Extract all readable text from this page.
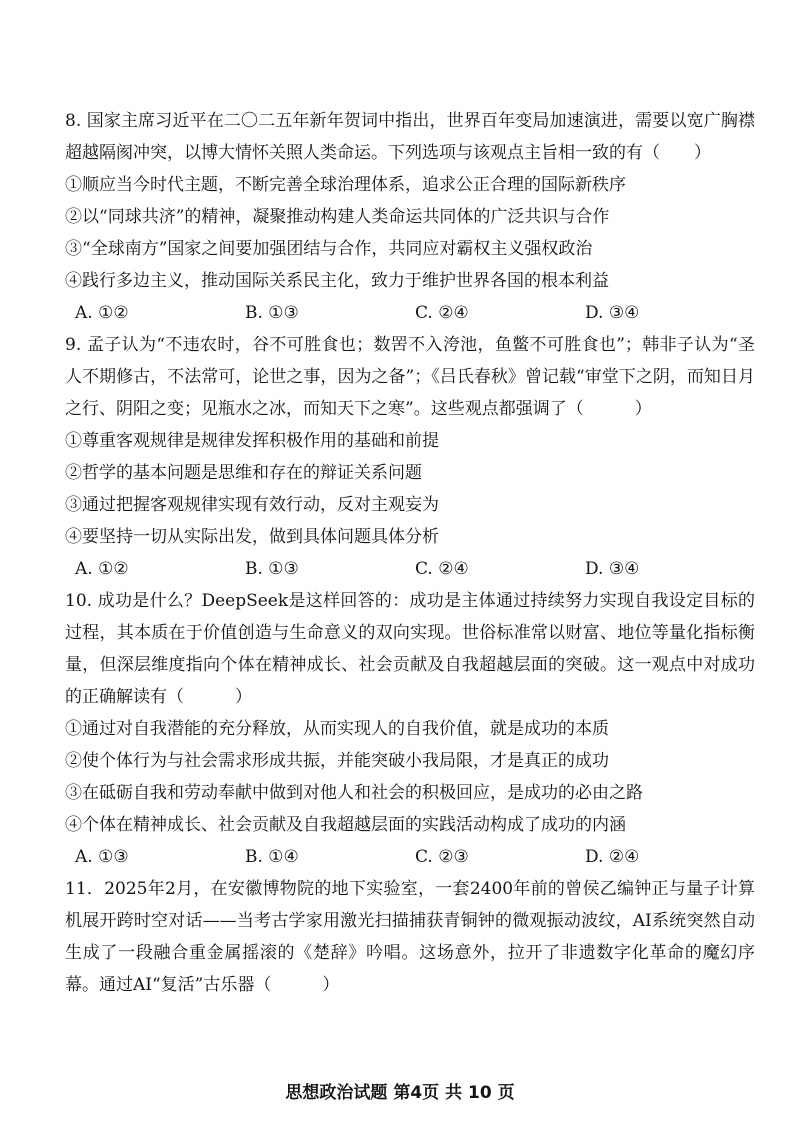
8. 国家主席习近平在二〇二五年新年贺词中指出，世界百年变局加速演进，需要以宽广胸襟超越隔阂冲突，以博大情怀关照人类命运。下列选项与该观点主旨相一致的有（　　）

①顺应当今时代主题，不断完善全球治理体系，追求公正合理的国际新秩序

②以“同球共济”的精神，凝聚推动构建人类命运共同体的广泛共识与合作

③“全球南方”国家之间要加强团结与合作，共同应对霸权主义强权政治

④践行多边主义，推动国际关系民主化，致力于维护世界各国的根本利益

A. ①②	B. ①③	C. ②④	D. ③④

9. 孟子认为“不违农时，谷不可胜食也；数罟不入洿池，鱼鳖不可胜食也”；韩非子认为“圣人不期修古，不法常可，论世之事，因为之备”；《吕氏春秋》曾记载“审堂下之阴，而知日月之行、阴阳之变；见瓶水之冰，而知天下之寒”。这些观点都强调了（　　　）

①尊重客观规律是规律发挥积极作用的基础和前提

②哲学的基本问题是思维和存在的辩证关系问题

③通过把握客观规律实现有效行动，反对主观妄为

④要坚持一切从实际出发，做到具体问题具体分析

A. ①②	B. ①③	C. ②④	D. ③④

10. 成功是什么？DeepSeek是这样回答的：成功是主体通过持续努力实现自我设定目标的过程，其本质在于价值创造与生命意义的双向实现。世俗标准常以财富、地位等量化指标衡量，但深层维度指向个体在精神成长、社会贡献及自我超越层面的突破。这一观点中对成功的正确解读有（　　　）

①通过对自我潜能的充分释放，从而实现人的自我价值，就是成功的本质

②使个体行为与社会需求形成共振，并能突破小我局限，才是真正的成功

③在砥砺自我和劳动奉献中做到对他人和社会的积极回应，是成功的必由之路

④个体在精神成长、社会贡献及自我超越层面的实践活动构成了成功的内涵

A. ①③	B. ①④	C. ②③	D. ②④

11．2025年2月，在安徽博物院的地下实验室，一套2400年前的曾侯乙编钟正与量子计算机展开跨时空对话——当考古学家用激光扫描捕获青铜钟的微观振动波纹，AI系统突然自动生成了一段融合重金属摇滚的《楚辞》吟唱。这场意外，拉开了非遗数字化革命的魔幻序幕。通过AI“复活”古乐器（　　　）

思想政治试题 第4页 共 10 页
